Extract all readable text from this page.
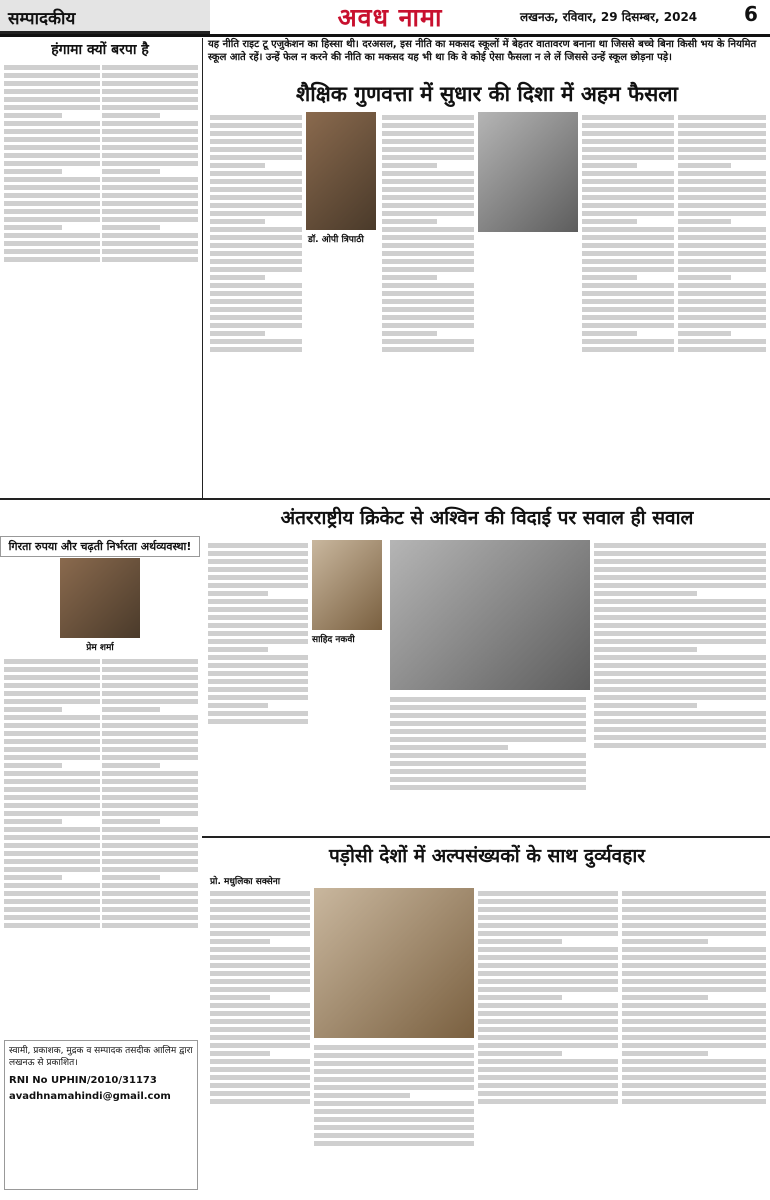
सम्पादकीय	अवध नामा	लखनऊ, रविवार, 29 दिसम्बर, 2024 6
हंगामा क्यों बरपा है	यह नीति राइट टू एजुकेशन का हिस्सा थी। दरअसल, इस नीति का मकसद स्कूलों में बेहतर वातावरण बनाना था जिससे बच्चे बिना किसी भय के नियमित स्कूल आते रहें। उन्हें फेल न करने की नीति का मकसद यह भी था कि वे कोई ऐसा फैसला न ले लें जिससे उन्हें स्कूल छोड़ना पड़े।
शैक्षिक गुणवत्ता में सुधार की दिशा में अहम फैसला
डॉ. ओपी त्रिपाठी
अंतरराष्ट्रीय क्रिकेट से अश्विन की विदाई पर सवाल ही सवाल
गिरता रुपया और चढ़ती निर्भरता अर्थव्यवस्था!
प्रेम शर्मा
साहिद नकवी
पड़ोसी देशों में अल्पसंख्यकों के साथ दुर्व्यवहार
प्रो. मधुलिका सक्सेना
स्वामी, प्रकाशक, मुद्रक व सम्पादक तसदीक आलिम द्वारा लखनऊ से प्रकाशित।
RNI No UPHIN/2010/31173
avadhnamahindi@gmail.com
